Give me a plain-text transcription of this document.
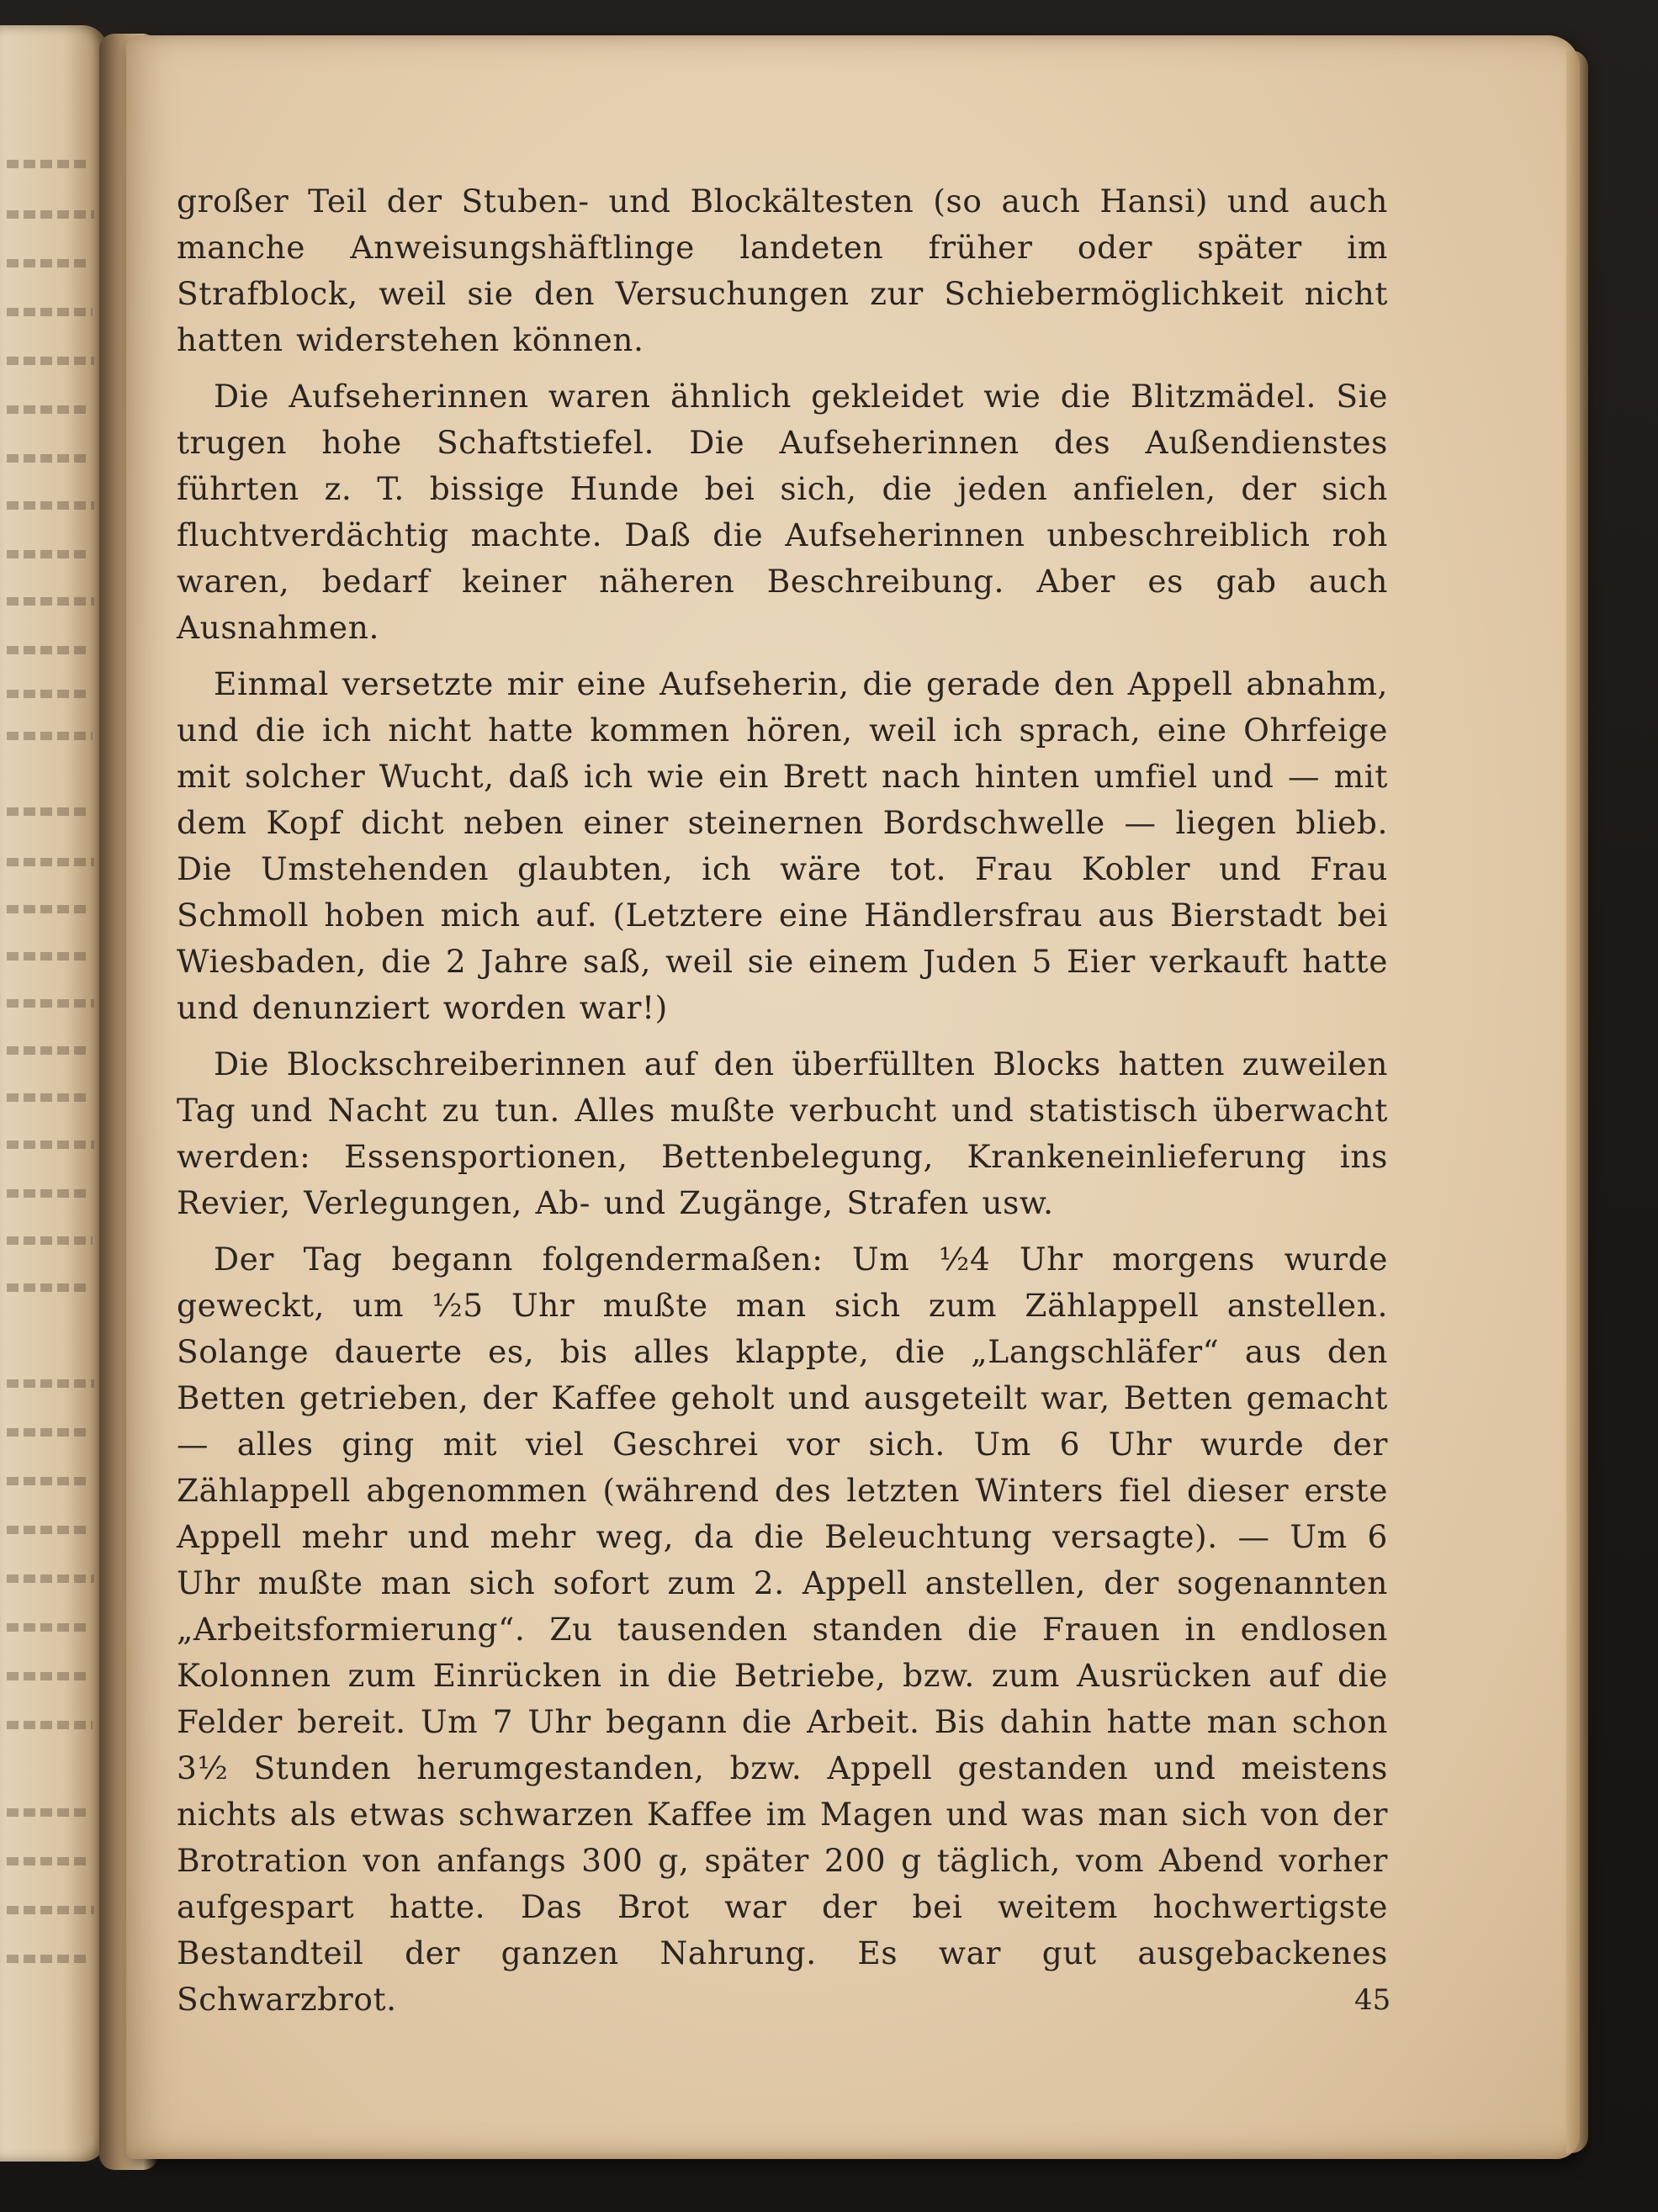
großer Teil der Stuben- und Blockältesten (so auch Hansi) und auch manche Anweisungshäftlinge landeten früher oder später im Strafblock, weil sie den Versuchungen zur Schiebermöglichkeit nicht hatten widerstehen können.

Die Aufseherinnen waren ähnlich gekleidet wie die Blitzmädel. Sie trugen hohe Schaftstiefel. Die Aufseherinnen des Außendienstes führten z. T. bissige Hunde bei sich, die jeden anfielen, der sich fluchtverdächtig machte. Daß die Aufseherinnen unbeschreiblich roh waren, bedarf keiner näheren Beschreibung. Aber es gab auch Ausnahmen.

Einmal versetzte mir eine Aufseherin, die gerade den Appell abnahm, und die ich nicht hatte kommen hören, weil ich sprach, eine Ohrfeige mit solcher Wucht, daß ich wie ein Brett nach hinten umfiel und — mit dem Kopf dicht neben einer steinernen Bordschwelle — liegen blieb. Die Umstehenden glaubten, ich wäre tot. Frau Kobler und Frau Schmoll hoben mich auf. (Letztere eine Händlersfrau aus Bierstadt bei Wiesbaden, die 2 Jahre saß, weil sie einem Juden 5 Eier verkauft hatte und denunziert worden war!)

Die Blockschreiberinnen auf den überfüllten Blocks hatten zuweilen Tag und Nacht zu tun. Alles mußte verbucht und statistisch überwacht werden: Essensportionen, Bettenbelegung, Krankeneinlieferung ins Revier, Verlegungen, Ab- und Zugänge, Strafen usw.

Der Tag begann folgendermaßen: Um ½4 Uhr morgens wurde geweckt, um ½5 Uhr mußte man sich zum Zählappell anstellen. Solange dauerte es, bis alles klappte, die „Langschläfer“ aus den Betten getrieben, der Kaffee geholt und ausgeteilt war, Betten gemacht — alles ging mit viel Geschrei vor sich. Um 6 Uhr wurde der Zählappell abgenommen (während des letzten Winters fiel dieser erste Appell mehr und mehr weg, da die Beleuchtung versagte). — Um 6 Uhr mußte man sich sofort zum 2. Appell anstellen, der sogenannten „Arbeitsformierung“. Zu tausenden standen die Frauen in endlosen Kolonnen zum Einrücken in die Betriebe, bzw. zum Ausrücken auf die Felder bereit. Um 7 Uhr begann die Arbeit. Bis dahin hatte man schon 3½ Stunden herumgestanden, bzw. Appell gestanden und meistens nichts als etwas schwarzen Kaffee im Magen und was man sich von der Brotration von anfangs 300 g, später 200 g täglich, vom Abend vorher aufgespart hatte. Das Brot war der bei weitem hochwertigste Bestandteil der ganzen Nahrung. Es war gut ausgebackenes Schwarzbrot.	45
